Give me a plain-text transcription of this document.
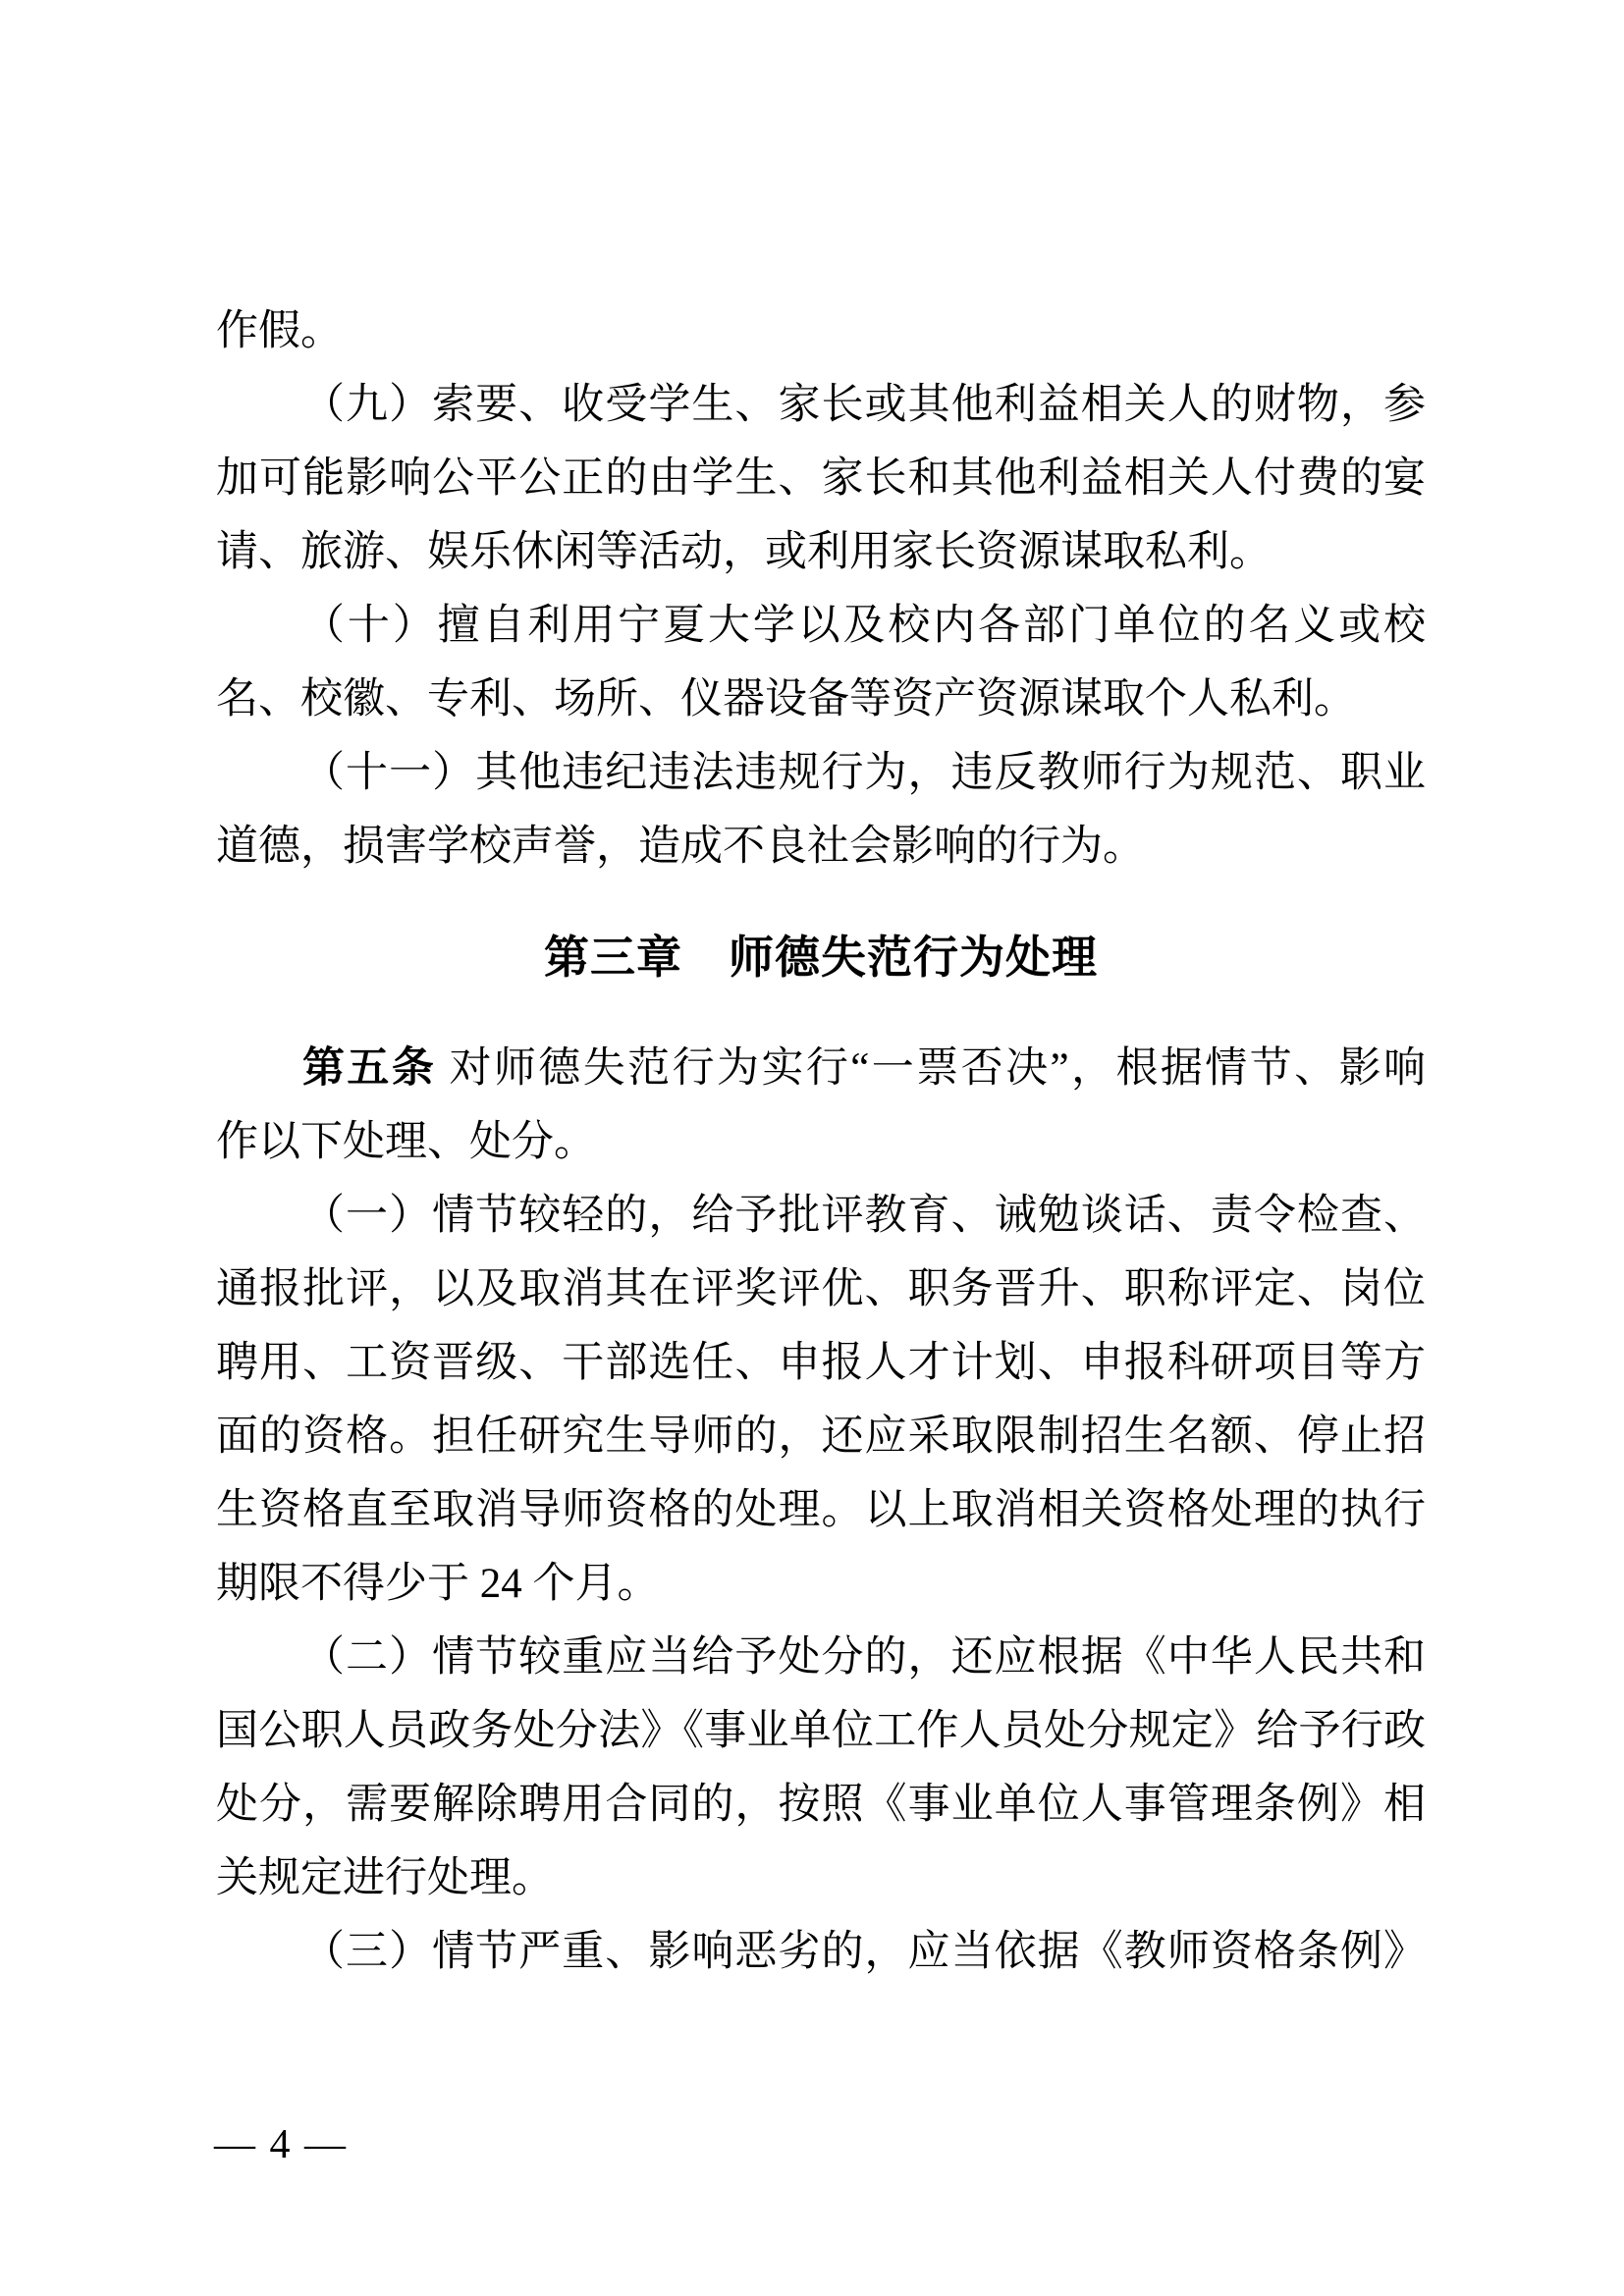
作假。
（九）索要、收受学生、家长或其他利益相关人的财物，参
加可能影响公平公正的由学生、家长和其他利益相关人付费的宴
请、旅游、娱乐休闲等活动，或利用家长资源谋取私利。
（十）擅自利用宁夏大学以及校内各部门单位的名义或校
名、校徽、专利、场所、仪器设备等资产资源谋取个人私利。
（十一）其他违纪违法违规行为，违反教师行为规范、职业
道德，损害学校声誉，造成不良社会影响的行为。
第三章　师德失范行为处理
第五条 对师德失范行为实行“一票否决”，根据情节、影响
作以下处理、处分。
（一）情节较轻的，给予批评教育、诫勉谈话、责令检查、
通报批评，以及取消其在评奖评优、职务晋升、职称评定、岗位
聘用、工资晋级、干部选任、申报人才计划、申报科研项目等方
面的资格。担任研究生导师的，还应采取限制招生名额、停止招
生资格直至取消导师资格的处理。以上取消相关资格处理的执行
期限不得少于 24 个月。
（二）情节较重应当给予处分的，还应根据《中华人民共和
国公职人员政务处分法》《事业单位工作人员处分规定》给予行政
处分，需要解除聘用合同的，按照《事业单位人事管理条例》相
关规定进行处理。
（三）情节严重、影响恶劣的，应当依据《教师资格条例》
— 4 —
